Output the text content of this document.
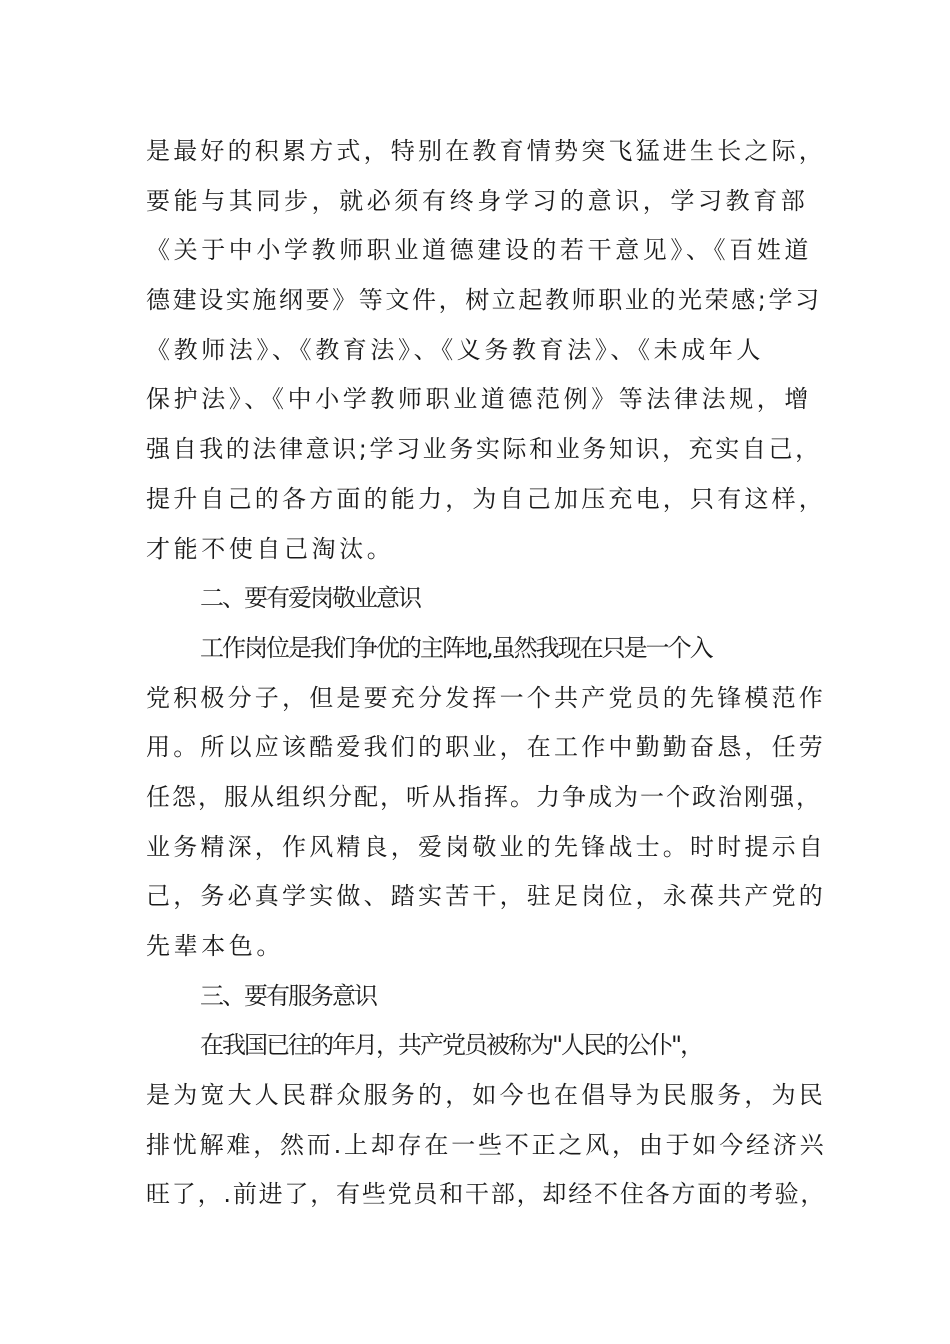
是最好的积累方式，特别在教育情势突飞猛进生长之际，
要能与其同步，就必须有终身学习的意识，学习教育部
《关于中小学教师职业道德建设的若干意见》、《百姓道
德建设实施纲要》等文件，树立起教师职业的光荣感;学习
《教师法》、《教育法》、《义务教育法》、《未成年人
保护法》、《中小学教师职业道德范例》等法律法规，增
强自我的法律意识;学习业务实际和业务知识，充实自己，
提升自己的各方面的能力，为自己加压充电，只有这样，
才能不使自己淘汰。
二、要有爱岗敬业意识
工作岗位是我们争优的主阵地,虽然我现在只是一个入
党积极分子，但是要充分发挥一个共产党员的先锋模范作
用。所以应该酷爱我们的职业，在工作中勤勤奋恳，任劳
任怨，服从组织分配，听从指挥。力争成为一个政治刚强，
业务精深，作风精良，爱岗敬业的先锋战士。时时提示自
己，务必真学实做、踏实苦干，驻足岗位，永葆共产党的
先辈本色。
三、要有服务意识
在我国已往的年月，共产党员被称为"人民的公仆"，
是为宽大人民群众服务的，如今也在倡导为民服务，为民
排忧解难，然而.上却存在一些不正之风，由于如今经济兴
旺了，.前进了，有些党员和干部，却经不住各方面的考验，
